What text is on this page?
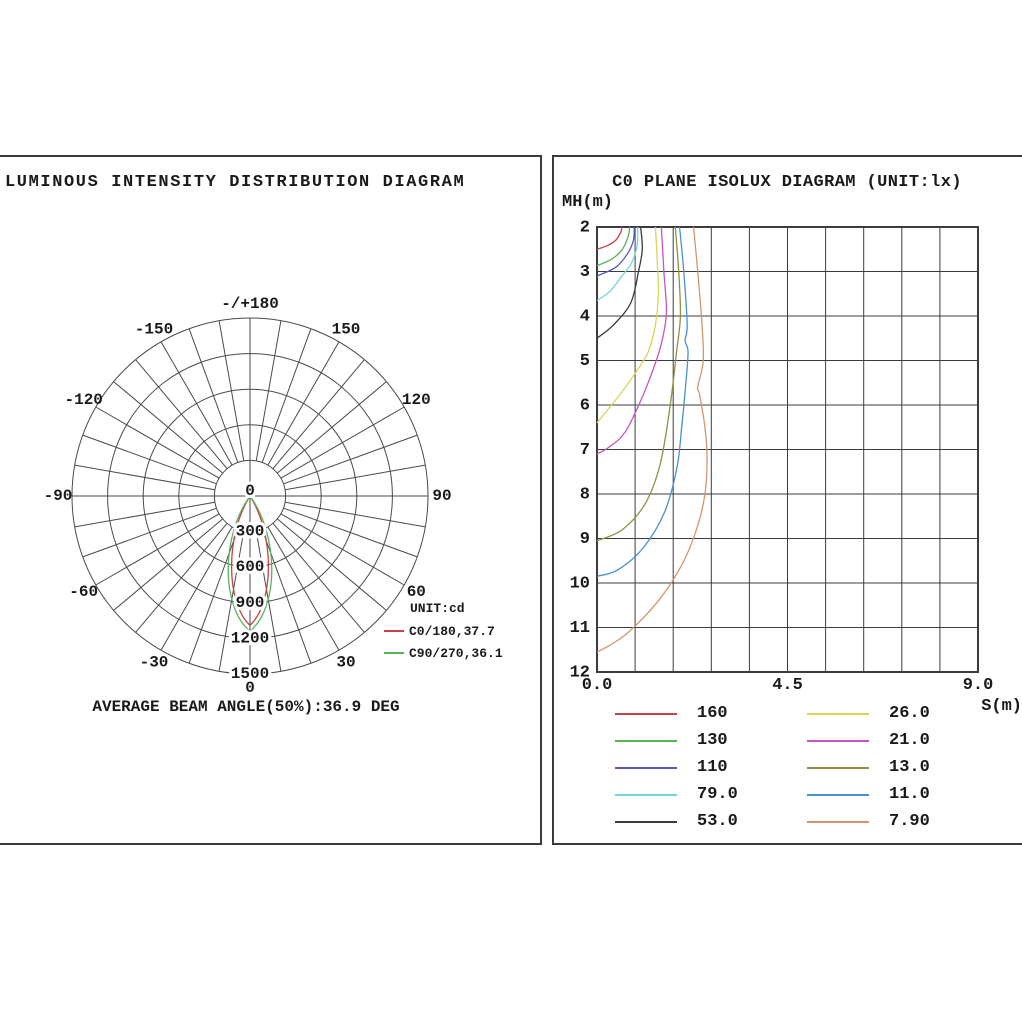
LUMINOUS INTENSITY DISTRIBUTION DIAGRAM
0
30
60
90
120
150
-/+180
-30
-60
-90
-120
-150
0
300
600
900
1200
1500
UNIT:cd
C0/180,37.7
C90/270,36.1
AVERAGE BEAM ANGLE(50%):36.9 DEG
C0 PLANE ISOLUX DIAGRAM (UNIT:lx)
MH(m)
2
3
4
5
6
7
8
9
10
11
12
0.0	4.5	9.0
S(m)
160
130
110
79.0
53.0
26.0
21.0
13.0
11.0
7.90
